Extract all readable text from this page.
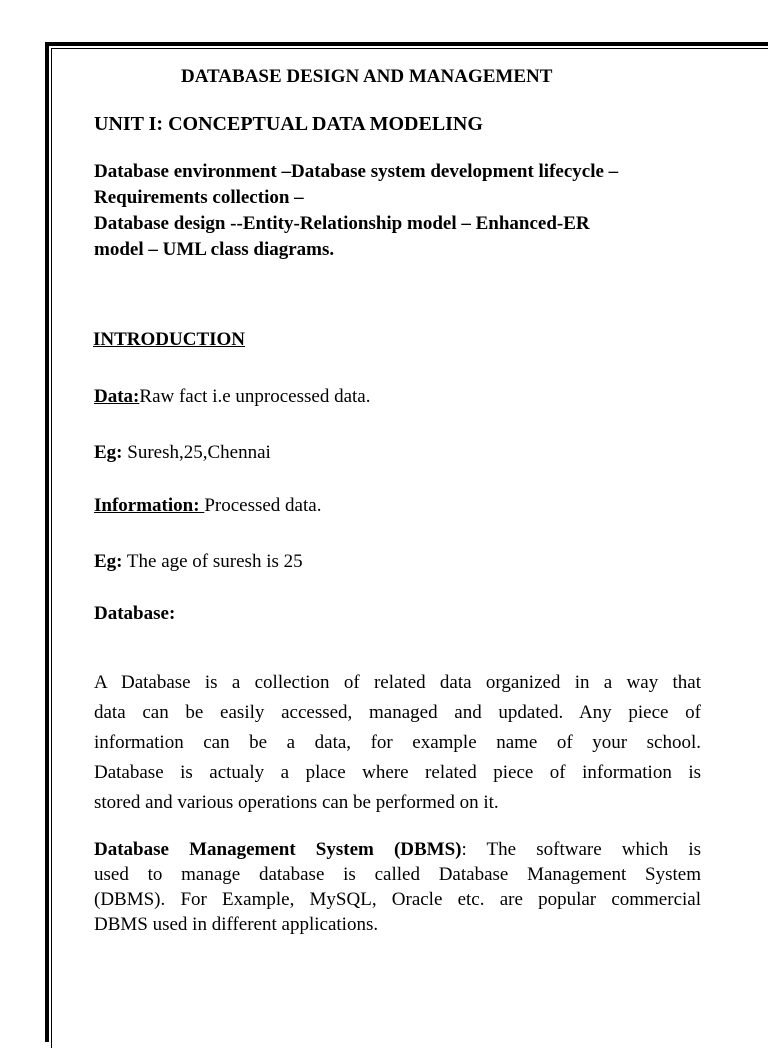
DATABASE DESIGN AND MANAGEMENT

UNIT I: CONCEPTUAL DATA MODELING

Database environment –Database system development lifecycle –
Requirements collection –
Database design --Entity-Relationship model – Enhanced-ER
model – UML class diagrams.

INTRODUCTION

Data:Raw fact i.e unprocessed data.

Eg: Suresh,25,Chennai

Information: Processed data.

Eg: The age of suresh is 25

Database:

A Database is a collection of related data organized in a way that
data can be easily accessed, managed and updated. Any piece of
information can be a data, for example name of your school.
Database is actualy a place where related piece of information is
stored and various operations can be performed on it.
Database Management System (DBMS): The software which is
used to manage database is called Database Management System
(DBMS). For Example, MySQL, Oracle etc. are popular commercial
DBMS used in different applications.
